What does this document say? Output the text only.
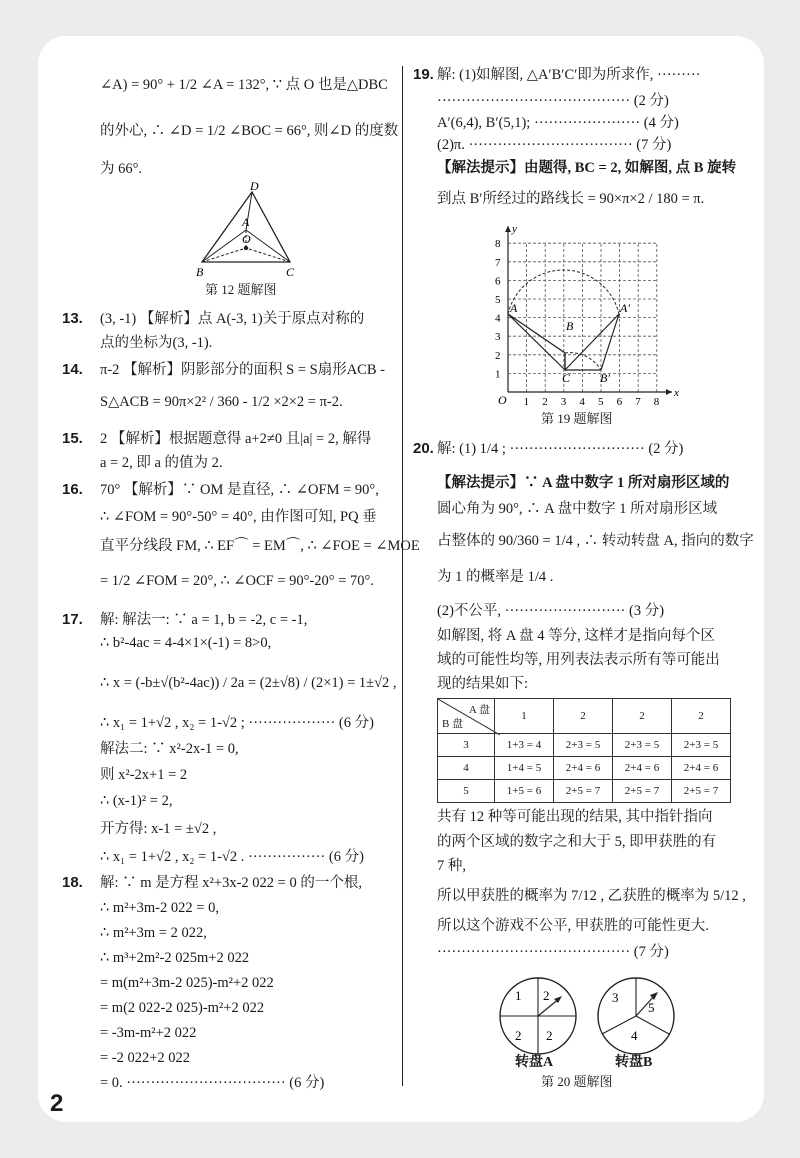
∠A) = 90° + 1/2 ∠A = 132°, ∵ 点 O 也是△DBC
的外心, ∴ ∠D = 1/2 ∠BOC = 66°, 则∠D 的度数
为 66°.
D
A
O
B	C
第 12 题解图
13. (3, -1) 【解析】点 A(-3, 1)关于原点对称的
点的坐标为(3, -1).
14. π-2 【解析】阴影部分的面积 S = S扇形ACB -
S△ACB = 90π×2² / 360 - 1/2 ×2×2 = π-2.
15. 2 【解析】根据题意得 a+2≠0 且|a| = 2, 解得
a = 2, 即 a 的值为 2.
16. 70° 【解析】∵ OM 是直径, ∴ ∠OFM = 90°,
∴ ∠FOM = 90°-50° = 40°, 由作图可知, PQ 垂
直平分线段 FM, ∴ EF⌒ = EM⌒, ∴ ∠FOE = ∠MOE
= 1/2 ∠FOM = 20°, ∴ ∠OCF = 90°-20° = 70°.
17. 解: 解法一: ∵ a = 1, b = -2, c = -1,
∴ b²-4ac = 4-4×1×(-1) = 8>0,
∴ x = (-b±√(b²-4ac)) / 2a = (2±√8) / (2×1) = 1±√2 ,
∴ x₁ = 1+√2 , x₂ = 1-√2 ; ·················· (6 分)
解法二: ∵ x²-2x-1 = 0,
则 x²-2x+1 = 2
∴ (x-1)² = 2,
开方得: x-1 = ±√2 ,
∴ x₁ = 1+√2 , x₂ = 1-√2 . ················ (6 分)
18. 解: ∵ m 是方程 x²+3x-2 022 = 0 的一个根,
∴ m²+3m-2 022 = 0,
∴ m²+3m = 2 022,
∴ m³+2m²-2 025m+2 022
= m(m²+3m-2 025)-m²+2 022
= m(2 022-2 025)-m²+2 022
= -3m-m²+2 022
= -2 022+2 022
= 0. ································· (6 分)
2
19. 解: (1)如解图, △A′B′C′即为所求作, ·········
········································ (2 分)
A′(6,4), B′(5,1); ······················ (4 分)
(2)π. ·································· (7 分)
【解法提示】由题得, BC = 2, 如解图, 点 B 旋转
到点 B′所经过的路线长 = 90×π×2 / 180 = π.
x
y
O 1 2 3 4 5 6 7 8
1
2
3
4
5
6
7
8
A
B
C
A′
B′
第 19 题解图
20. 解: (1) 1/4 ; ···························· (2 分)
【解法提示】∵ A 盘中数字 1 所对扇形区域的
圆心角为 90°, ∴ A 盘中数字 1 所对扇形区域
占整体的 90/360 = 1/4 , ∴ 转动转盘 A, 指向的数字
为 1 的概率是 1/4 .
(2)不公平, ························· (3 分)
如解图, 将 A 盘 4 等分, 这样才是指向每个区
域的可能性均等, 用列表法表示所有等可能出
现的结果如下:
A 盘
B 盘	1	2	2	2
3	1+3 = 4	2+3 = 5	2+3 = 5	2+3 = 5
4	1+4 = 5	2+4 = 6	2+4 = 6	2+4 = 6
5	1+5 = 6	2+5 = 7	2+5 = 7	2+5 = 7
共有 12 种等可能出现的结果, 其中指针指向
的两个区域的数字之和大于 5, 即甲获胜的有
7 种,
所以甲获胜的概率为 7/12 , 乙获胜的概率为 5/12 ,
所以这个游戏不公平, 甲获胜的可能性更大.
········································ (7 分)
1 2
2 2
3
5
4
转盘A	转盘B
第 20 题解图
